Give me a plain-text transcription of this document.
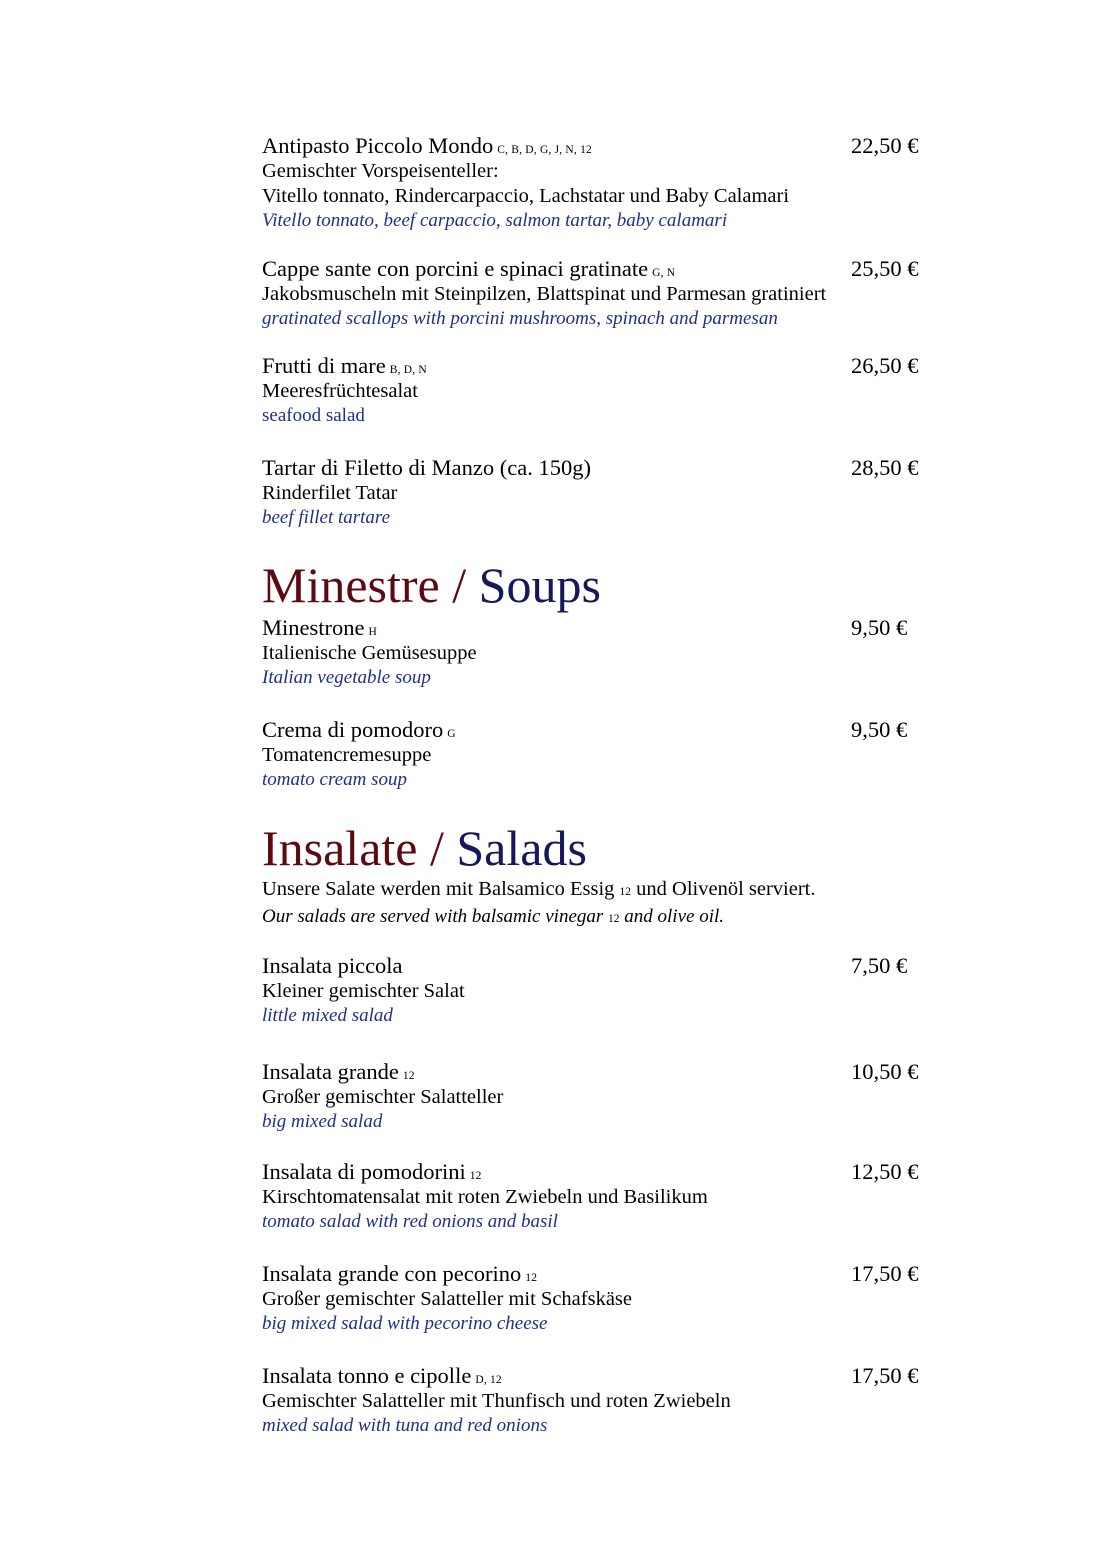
Antipasto Piccolo Mondo C, B, D, G, J, N, 12	22,50 €
Gemischter Vorspeisenteller:
Vitello tonnato, Rindercarpaccio, Lachstatar und Baby Calamari
Vitello tonnato, beef carpaccio, salmon tartar, baby calamari
Cappe sante con porcini e spinaci gratinate G, N	25,50 €
Jakobsmuscheln mit Steinpilzen, Blattspinat und Parmesan gratiniert
gratinated scallops with porcini mushrooms, spinach and parmesan
Frutti di mare B, D, N	26,50 €
Meeresfrüchtesalat
seafood salad
Tartar di Filetto di Manzo (ca. 150g)	28,50 €
Rinderfilet Tatar
beef fillet tartare
Minestre / Soups
Minestrone H	9,50 €
Italienische Gemüsesuppe
Italian vegetable soup
Crema di pomodoro G	9,50 €
Tomatencremesuppe
tomato cream soup
Insalate / Salads
Unsere Salate werden mit Balsamico Essig 12 und Olivenöl serviert.
Our salads are served with balsamic vinegar 12 and olive oil.
Insalata piccola	7,50 €
Kleiner gemischter Salat
little mixed salad
Insalata grande 12	10,50 €
Großer gemischter Salatteller
big mixed salad
Insalata di pomodorini 12	12,50 €
Kirschtomatensalat mit roten Zwiebeln und Basilikum
tomato salad with red onions and basil
Insalata grande con pecorino 12	17,50 €
Großer gemischter Salatteller mit Schafskäse
big mixed salad with pecorino cheese
Insalata tonno e cipolle D, 12	17,50 €
Gemischter Salatteller mit Thunfisch und roten Zwiebeln
mixed salad with tuna and red onions
